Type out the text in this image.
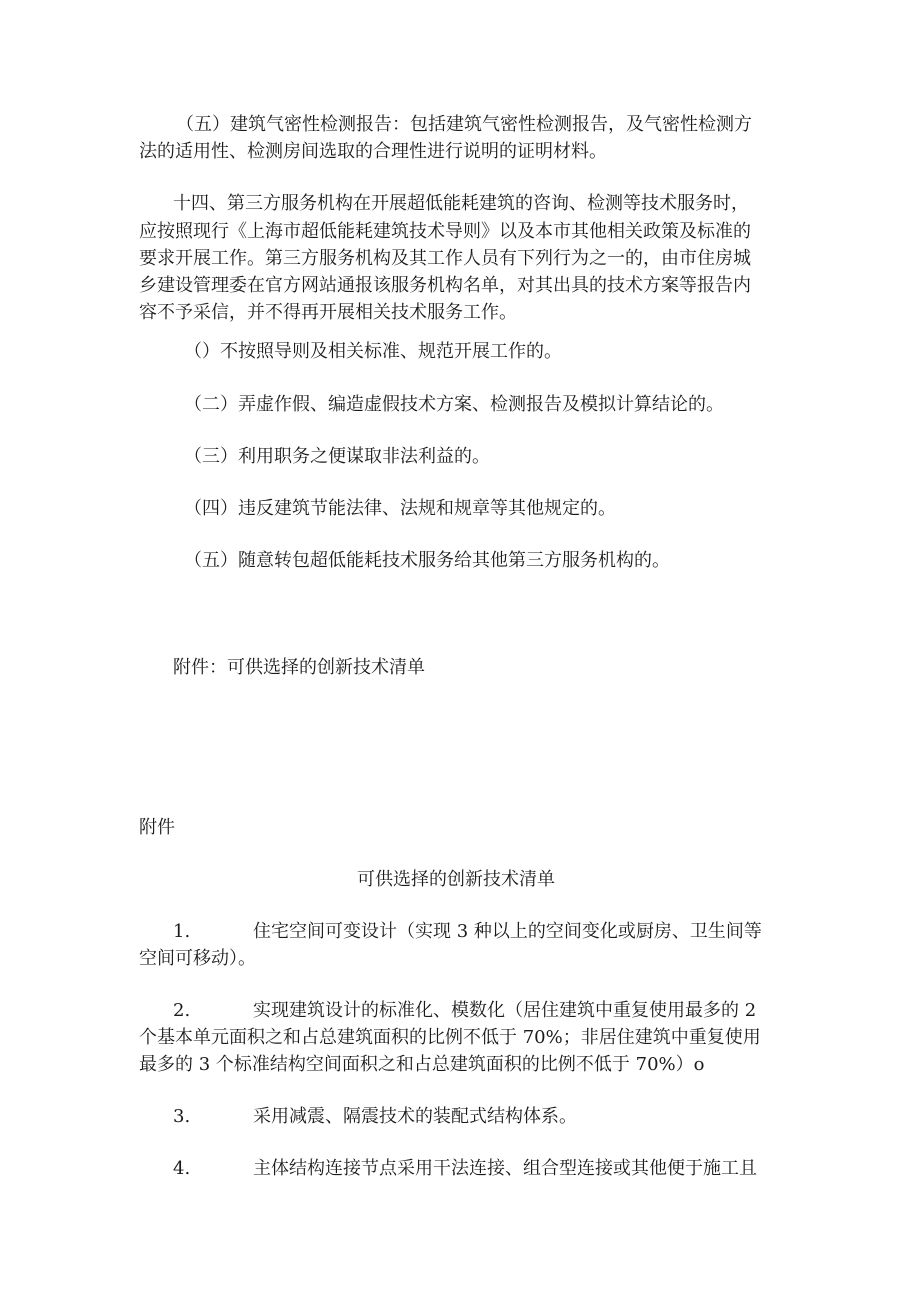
（五）建筑气密性检测报告：包括建筑气密性检测报告，及气密性检测方
法的适用性、检测房间选取的合理性进行说明的证明材料。
十四、第三方服务机构在开展超低能耗建筑的咨询、检测等技术服务时，
应按照现行《上海市超低能耗建筑技术导则》以及本市其他相关政策及标准的
要求开展工作。第三方服务机构及其工作人员有下列行为之一的，由市住房城
乡建设管理委在官方网站通报该服务机构名单，对其出具的技术方案等报告内
容不予采信，并不得再开展相关技术服务工作。
（）不按照导则及相关标准、规范开展工作的。
（二）弄虚作假、编造虚假技术方案、检测报告及模拟计算结论的。
（三）利用职务之便谋取非法利益的。
（四）违反建筑节能法律、法规和规章等其他规定的。
（五）随意转包超低能耗技术服务给其他第三方服务机构的。
附件：可供选择的创新技术清单
附件
可供选择的创新技术清单
1.	住宅空间可变设计（实现 3 种以上的空间变化或厨房、卫生间等
空间可移动）。
2.	实现建筑设计的标准化、模数化（居住建筑中重复使用最多的 2
个基本单元面积之和占总建筑面积的比例不低于 70%；非居住建筑中重复使用
最多的 3 个标准结构空间面积之和占总建筑面积的比例不低于 70%）o
3.	采用减震、隔震技术的装配式结构体系。
4.	主体结构连接节点采用干法连接、组合型连接或其他便于施工且
